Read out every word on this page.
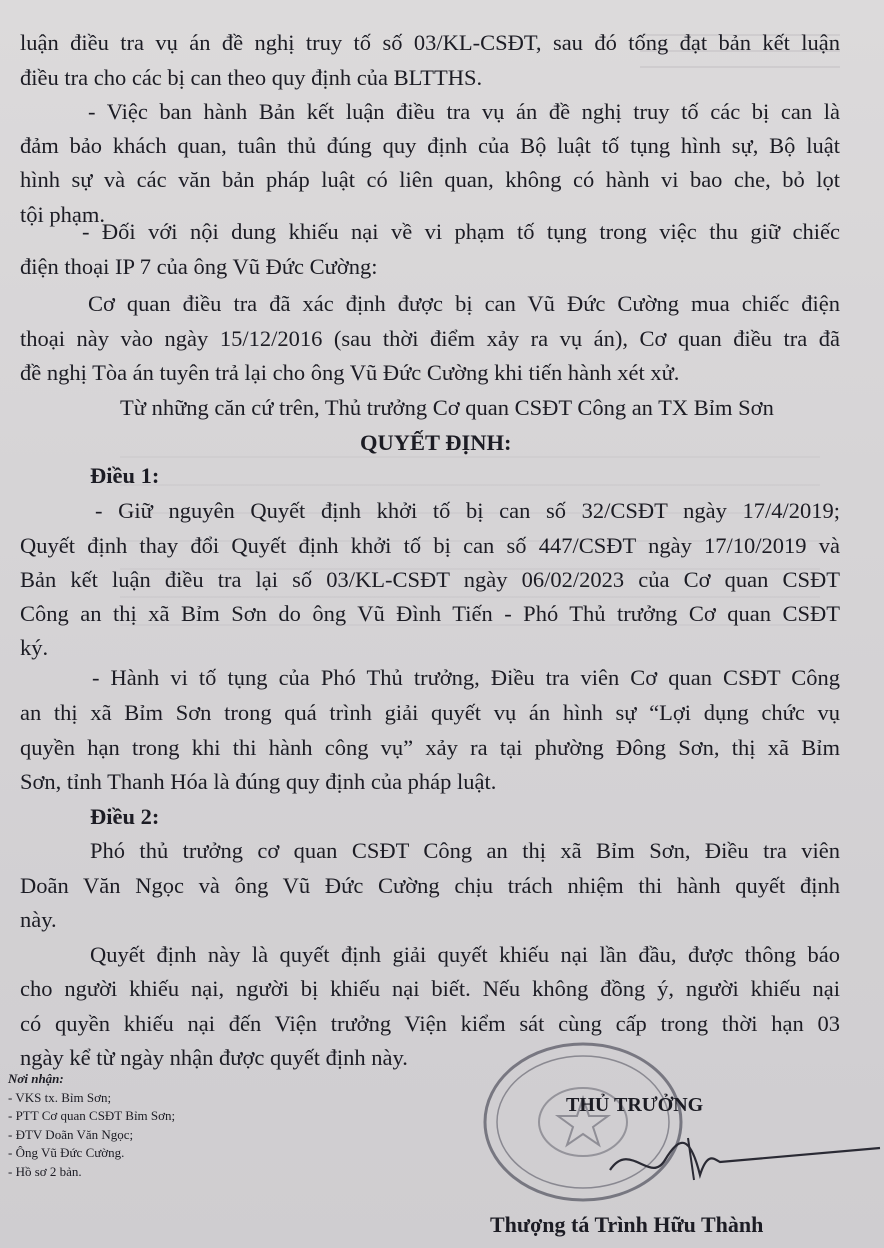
luận điều tra vụ án đề nghị truy tố số 03/KL-CSĐT, sau đó tống đạt bản kết luận
điều tra cho các bị can theo quy định của BLTTHS.
- Việc ban hành Bản kết luận điều tra vụ án đề nghị truy tố các bị can là
đảm bảo khách quan, tuân thủ đúng quy định của Bộ luật tố tụng hình sự, Bộ luật
hình sự và các văn bản pháp luật có liên quan, không có hành vi bao che, bỏ lọt
tội phạm.
- Đối với nội dung khiếu nại về vi phạm tố tụng trong việc thu giữ chiếc
điện thoại IP 7 của ông Vũ Đức Cường:
Cơ quan điều tra đã xác định được bị can Vũ Đức Cường mua chiếc điện
thoại này vào ngày 15/12/2016 (sau thời điểm xảy ra vụ án), Cơ quan điều tra đã
đề nghị Tòa án tuyên trả lại cho ông Vũ Đức Cường khi tiến hành xét xử.
Từ những căn cứ trên, Thủ trưởng Cơ quan CSĐT Công an TX Bỉm Sơn
QUYẾT ĐỊNH:
Điều 1:
- Giữ nguyên Quyết định khởi tố bị can số 32/CSĐT ngày 17/4/2019;
Quyết định thay đổi Quyết định khởi tố bị can số 447/CSĐT ngày 17/10/2019 và
Bản kết luận điều tra lại số 03/KL-CSĐT ngày 06/02/2023 của Cơ quan CSĐT
Công an thị xã Bỉm Sơn do ông Vũ Đình Tiến - Phó Thủ trưởng Cơ quan CSĐT
ký.
- Hành vi tố tụng của Phó Thủ trưởng, Điều tra viên Cơ quan CSĐT Công
an thị xã Bỉm Sơn trong quá trình giải quyết vụ án hình sự “Lợi dụng chức vụ
quyền hạn trong khi thi hành công vụ” xảy ra tại phường Đông Sơn, thị xã Bỉm
Sơn, tỉnh Thanh Hóa là đúng quy định của pháp luật.
Điều 2:
Phó thủ trưởng cơ quan CSĐT Công an thị xã Bỉm Sơn, Điều tra viên
Doãn Văn Ngọc và ông Vũ Đức Cường chịu trách nhiệm thi hành quyết định
này.
Quyết định này là quyết định giải quyết khiếu nại lần đầu, được thông báo
cho người khiếu nại, người bị khiếu nại biết. Nếu không đồng ý, người khiếu nại
có quyền khiếu nại đến Viện trưởng Viện kiểm sát cùng cấp trong thời hạn 03
ngày kể từ ngày nhận được quyết định này.
Nơi nhận:
- VKS tx. Bỉm Sơn;
- PTT Cơ quan CSĐT Bỉm Sơn;
- ĐTV Doãn Văn Ngọc;
- Ông Vũ Đức Cường.
- Hồ sơ 2 bản.
THỦ TRƯỞNG
Thượng tá Trình Hữu Thành
